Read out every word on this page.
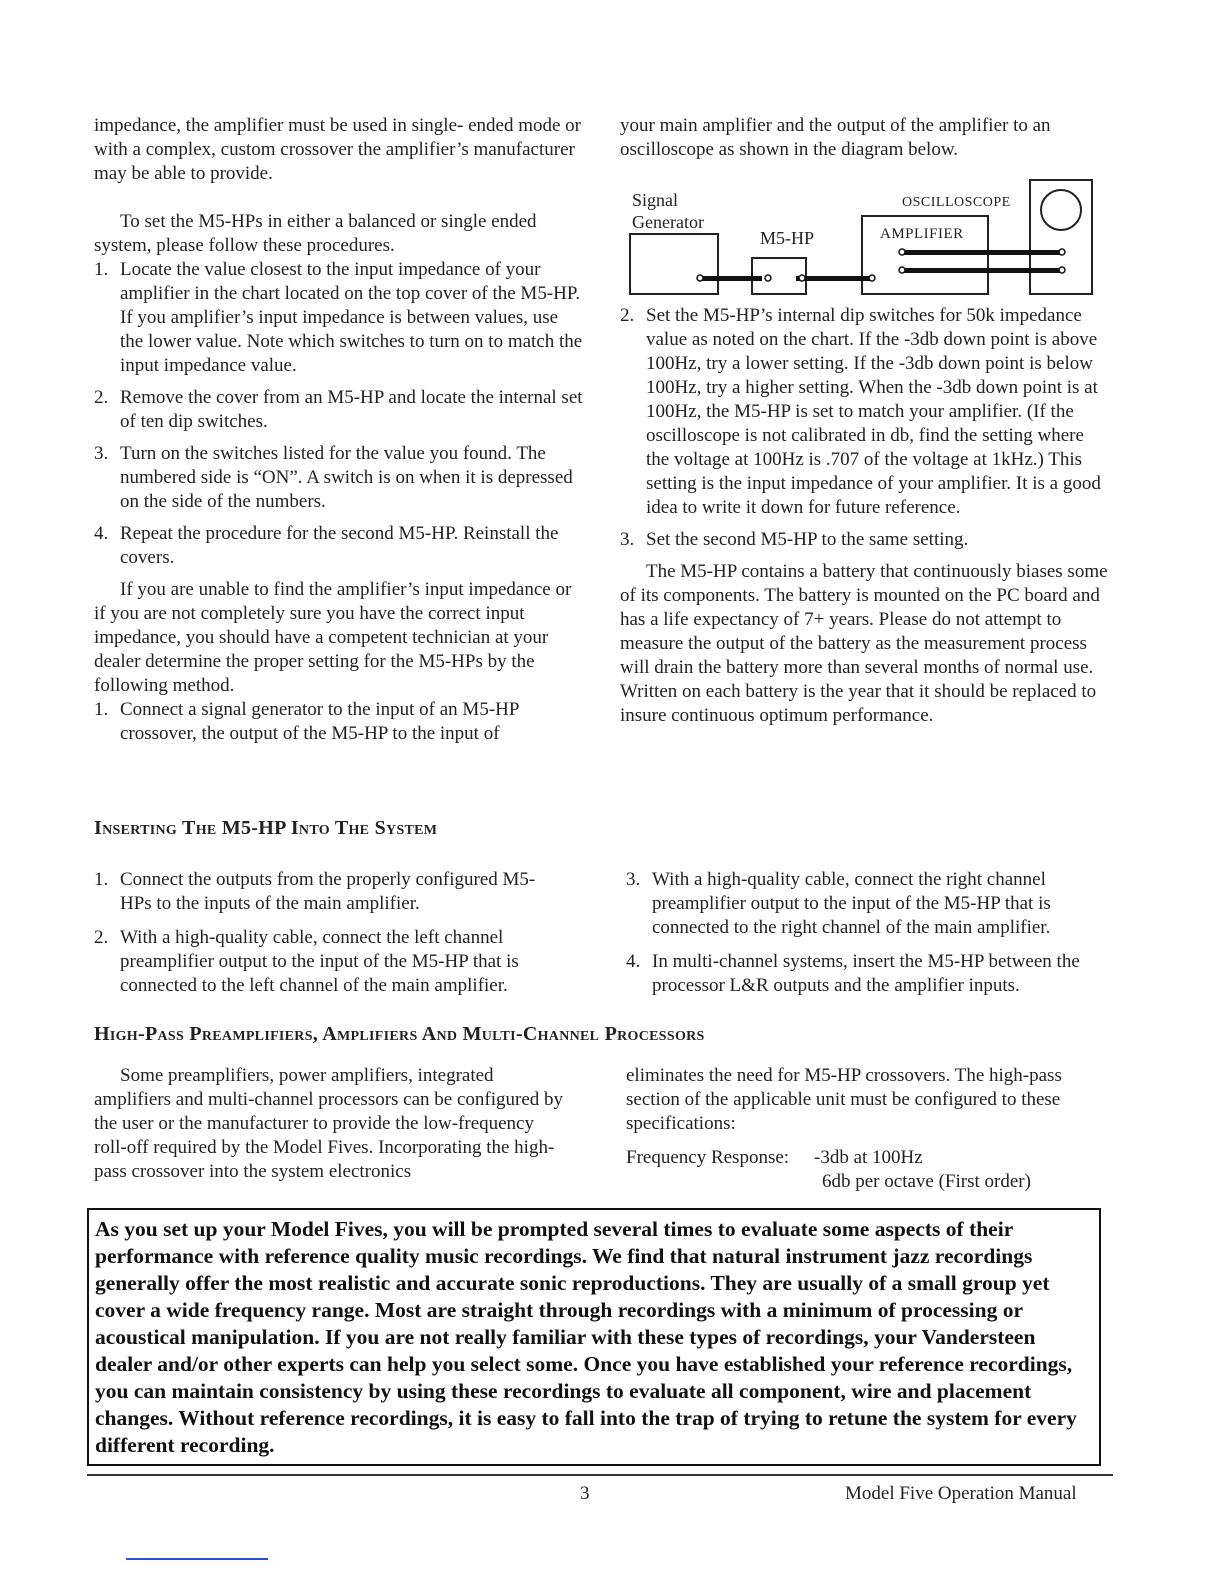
impedance, the amplifier must be used in single- ended mode or with a complex, custom crossover the amplifier’s manufacturer may be able to provide.

To set the M5-HPs in either a balanced or single ended system, please follow these procedures.

1. Locate the value closest to the input impedance of your amplifier in the chart located on the top cover of the M5-HP. If you amplifier’s input impedance is between values, use the lower value. Note which switches to turn on to match the input impedance value.
2. Remove the cover from an M5-HP and locate the internal set of ten dip switches.
3. Turn on the switches listed for the value you found. The numbered side is “ON”. A switch is on when it is depressed on the side of the numbers.
4. Repeat the procedure for the second M5-HP. Reinstall the covers.

If you are unable to find the amplifier’s input impedance or if you are not completely sure you have the correct input impedance, you should have a competent technician at your dealer determine the proper setting for the M5-HPs by the following method.

1. Connect a signal generator to the input of an M5-HP crossover, the output of the M5-HP to the input of

your main amplifier and the output of the amplifier to an oscilloscope as shown in the diagram below.

Signal
Generator
OSCILLOSCOPE
M5-HP	AMPLIFIER
2. Set the M5-HP’s internal dip switches for 50k impedance value as noted on the chart. If the -3db down point is above 100Hz, try a lower setting. If the -3db down point is below 100Hz, try a higher setting. When the -3db down point is at 100Hz, the M5-HP is set to match your amplifier. (If the oscilloscope is not calibrated in db, find the setting where the voltage at 100Hz is .707 of the voltage at 1kHz.) This setting is the input impedance of your amplifier. It is a good idea to write it down for future reference.
3. Set the second M5-HP to the same setting.

The M5-HP contains a battery that continuously biases some of its components. The battery is mounted on the PC board and has a life expectancy of 7+ years. Please do not attempt to measure the output of the battery as the measurement process will drain the battery more than several months of normal use. Written on each battery is the year that it should be replaced to insure continuous optimum performance.

Inserting The M5-HP Into The System
1. Connect the outputs from the properly configured M5-HPs to the inputs of the main amplifier.
2. With a high-quality cable, connect the left channel preamplifier output to the input of the M5-HP that is connected to the left channel of the main amplifier.
3. With a high-quality cable, connect the right channel preamplifier output to the input of the M5-HP that is connected to the right channel of the main amplifier.
4. In multi-channel systems, insert the M5-HP between the processor L&R outputs and the amplifier inputs.
High-Pass Preamplifiers, Amplifiers And Multi-Channel Processors

Some preamplifiers, power amplifiers, integrated amplifiers and multi-channel processors can be configured by the user or the manufacturer to provide the low-frequency roll-off required by the Model Fives. Incorporating the high-pass crossover into the system electronics

eliminates the need for M5-HP crossovers. The high-pass section of the applicable unit must be configured to these specifications:

Frequency Response: -3db at 100Hz
6db per octave (First order)

As you set up your Model Fives, you will be prompted several times to evaluate some aspects of their performance with reference quality music recordings. We find that natural instrument jazz recordings generally offer the most realistic and accurate sonic reproductions. They are usually of a small group yet cover a wide frequency range. Most are straight through recordings with a minimum of processing or acoustical manipulation. If you are not really familiar with these types of recordings, your Vandersteen dealer and/or other experts can help you select some. Once you have established your reference recordings, you can maintain consistency by using these recordings to evaluate all component, wire and placement changes. Without reference recordings, it is easy to fall into the trap of trying to retune the system for every different recording.

3	Model Five Operation Manual
